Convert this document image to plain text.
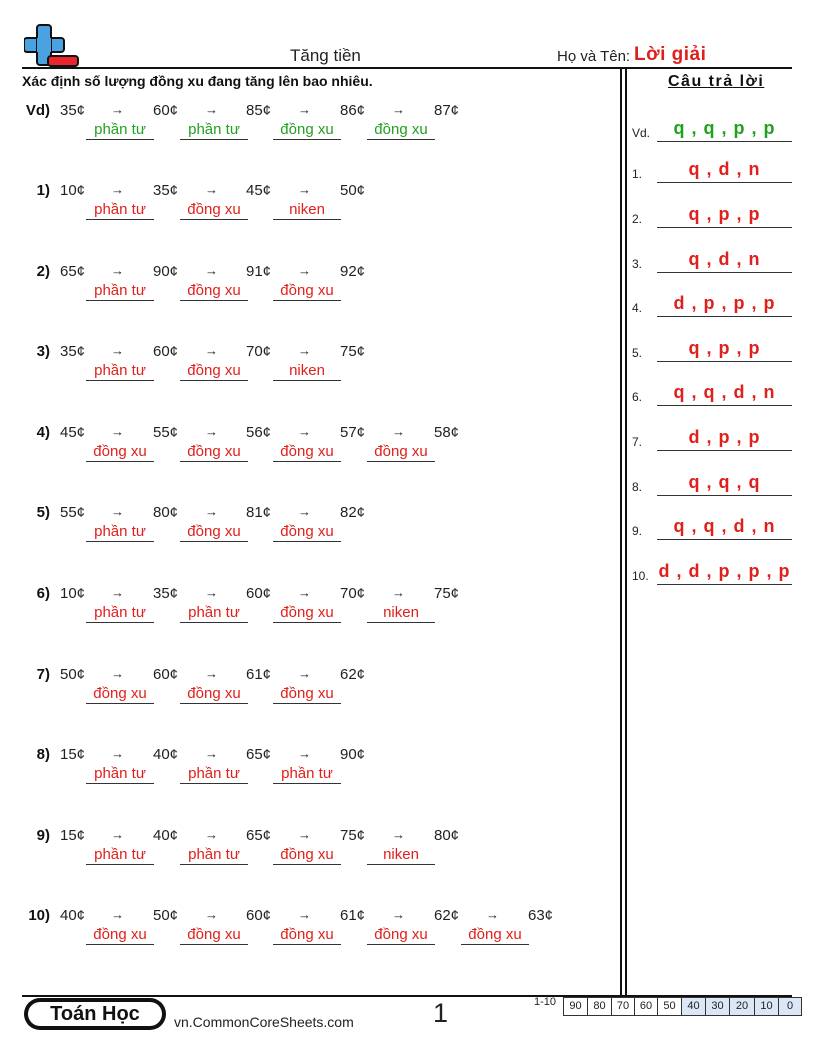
Tăng tiền	Họ và Tên: Lời giải
Xác định số lượng đồng xu đang tăng lên bao nhiêu.	Câu trả lời
Vd) 35¢ → 60¢ → 85¢ → 86¢ → 87¢
phần tư	phần tư	đồng xu	đồng xu
1) 10¢ → 35¢ → 45¢ → 50¢
phần tư	đồng xu	niken
2) 65¢ → 90¢ → 91¢ → 92¢
phần tư	đồng xu	đồng xu
3) 35¢ → 60¢ → 70¢ → 75¢
phần tư	đồng xu	niken
4) 45¢ → 55¢ → 56¢ → 57¢ → 58¢
đồng xu	đồng xu	đồng xu	đồng xu
5) 55¢ → 80¢ → 81¢ → 82¢
phần tư	đồng xu	đồng xu
6) 10¢ → 35¢ → 60¢ → 70¢ → 75¢
phần tư	phần tư	đồng xu	niken
7) 50¢ → 60¢ → 61¢ → 62¢
đồng xu	đồng xu	đồng xu
8) 15¢ → 40¢ → 65¢ → 90¢
phần tư	phần tư	phần tư
9) 15¢ → 40¢ → 65¢ → 75¢ → 80¢
phần tư	phần tư	đồng xu	niken
10) 40¢ → 50¢ → 60¢ → 61¢ → 62¢ → 63¢
đồng xu	đồng xu	đồng xu	đồng xu	đồng xu
Vd.	q , q , p , p
1.	q , d , n
2.	q , p , p
3.	q , d , n
4.	d , p , p , p
5.	q , p , p
6.	q , q , d , n
7.	d , p , p
8.	q , q , q
9.	q , q , d , n
10. d , d , p , p , p
Toán Học	vn.CommonCoreSheets.com	1	1-10	90	80	70 60	50	40	30	20	10	0
